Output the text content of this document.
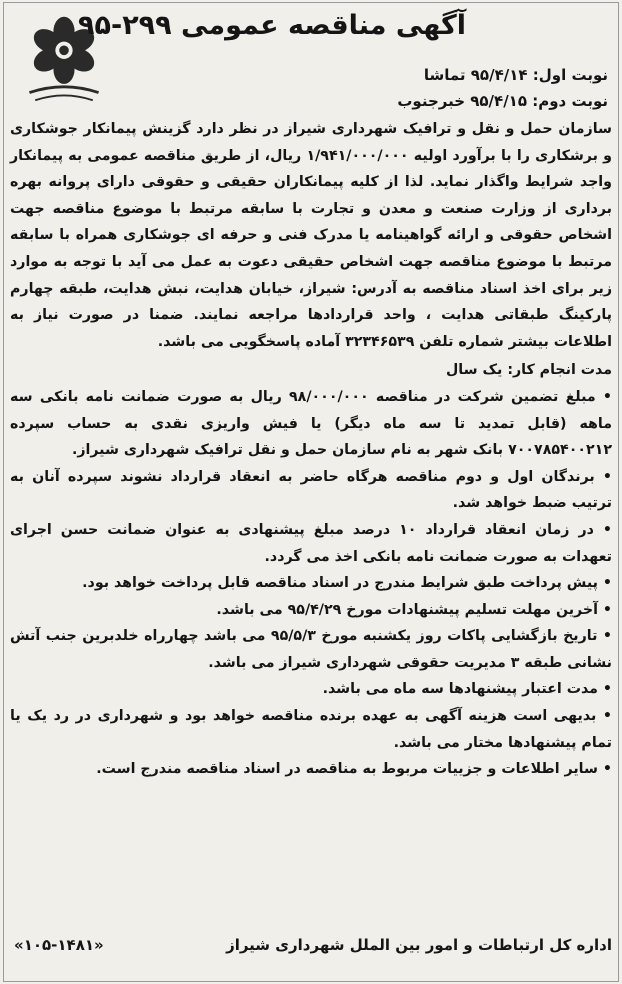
آگهی مناقصه عمومی ۲۹۹-۹۵
نوبت اول: ۹۵/۴/۱۴ تماشا
نوبت دوم: ۹۵/۴/۱۵ خبرجنوب

سازمان حمل و نقل و ترافیک شهرداری شیراز در نظر دارد گزینش پیمانکار جوشکاری و برشکاری را با برآورد اولیه ۱/۹۴۱/۰۰۰/۰۰۰ ریال، از طریق مناقصه عمومی به پیمانکار واجد شرایط واگذار نماید. لذا از کلیه پیمانکاران حقیقی و حقوقی دارای پروانه بهره برداری از وزارت صنعت و معدن و تجارت با سابقه مرتبط با موضوع مناقصه جهت اشخاص حقوقی و ارائه گواهینامه یا مدرک فنی و حرفه ای جوشکاری همراه با سابقه مرتبط با موضوع مناقصه جهت اشخاص حقیقی دعوت به عمل می آید با توجه به موارد زیر برای اخذ اسناد مناقصه به آدرس: شیراز، خیابان هدایت، نبش هدایت، طبقه چهارم پارکینگ طبقاتی هدایت ، واحد قراردادها مراجعه نمایند. ضمنا در صورت نیاز به اطلاعات بیشتر شماره تلفن ۳۲۳۴۶۵۳۹ آماده پاسخگویی می باشد.

مدت انجام کار: یک سال

• مبلغ تضمین شرکت در مناقصه ۹۸/۰۰۰/۰۰۰ ریال به صورت ضمانت نامه بانکی سه ماهه (قابل تمدید تا سه ماه دیگر) یا فیش واریزی نقدی به حساب سپرده ۷۰۰۷۸۵۴۰۰۲۱۲ بانک شهر به نام سازمان حمل و نقل ترافیک شهرداری شیراز.
• برندگان اول و دوم مناقصه هرگاه حاضر به انعقاد قرارداد نشوند سپرده آنان به ترتیب ضبط خواهد شد.
• در زمان انعقاد قرارداد ۱۰ درصد مبلغ پیشنهادی به عنوان ضمانت حسن اجرای تعهدات به صورت ضمانت نامه بانکی اخذ می گردد.
• پیش پرداخت طبق شرایط مندرج در اسناد مناقصه قابل پرداخت خواهد بود.
• آخرین مهلت تسلیم پیشنهادات مورخ ۹۵/۴/۲۹ می باشد.
• تاریخ بازگشایی پاکات روز یکشنبه مورخ ۹۵/۵/۳ می باشد چهارراه خلدبرین جنب آتش نشانی طبقه ۳ مدیریت حقوقی شهرداری شیراز می باشد.
• مدت اعتبار پیشنهادها سه ماه می باشد.
• بدیهی است هزینه آگهی به عهده برنده مناقصه خواهد بود و شهرداری در رد یک یا تمام پیشنهادها مختار می باشد.
• سایر اطلاعات و جزییات مربوط به مناقصه در اسناد مناقصه مندرج است.
اداره کل ارتباطات و امور بین الملل شهرداری شیراز
«۱۰۵-۱۴۸۱»
